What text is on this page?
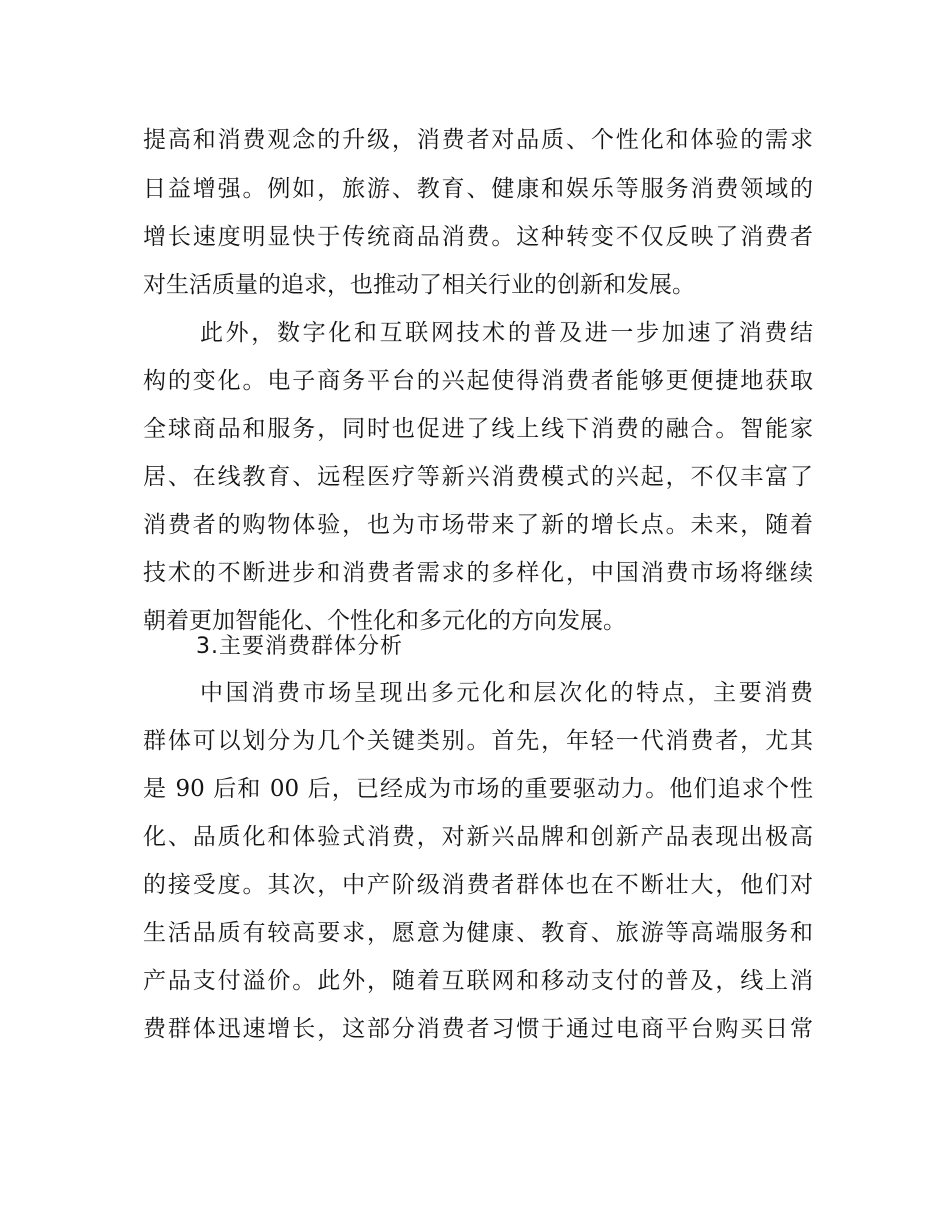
提高和消费观念的升级，消费者对品质、个性化和体验的需求
日益增强。例如，旅游、教育、健康和娱乐等服务消费领域的
增长速度明显快于传统商品消费。这种转变不仅反映了消费者
对生活质量的追求，也推动了相关行业的创新和发展。
此外，数字化和互联网技术的普及进一步加速了消费结
构的变化。电子商务平台的兴起使得消费者能够更便捷地获取
全球商品和服务，同时也促进了线上线下消费的融合。智能家
居、在线教育、远程医疗等新兴消费模式的兴起，不仅丰富了
消费者的购物体验，也为市场带来了新的增长点。未来，随着
技术的不断进步和消费者需求的多样化，中国消费市场将继续
朝着更加智能化、个性化和多元化的方向发展。
3.主要消费群体分析
中国消费市场呈现出多元化和层次化的特点，主要消费
群体可以划分为几个关键类别。首先，年轻一代消费者，尤其
是 90 后和 00 后，已经成为市场的重要驱动力。他们追求个性
化、品质化和体验式消费，对新兴品牌和创新产品表现出极高
的接受度。其次，中产阶级消费者群体也在不断壮大，他们对
生活品质有较高要求，愿意为健康、教育、旅游等高端服务和
产品支付溢价。此外，随着互联网和移动支付的普及，线上消
费群体迅速增长，这部分消费者习惯于通过电商平台购买日常
